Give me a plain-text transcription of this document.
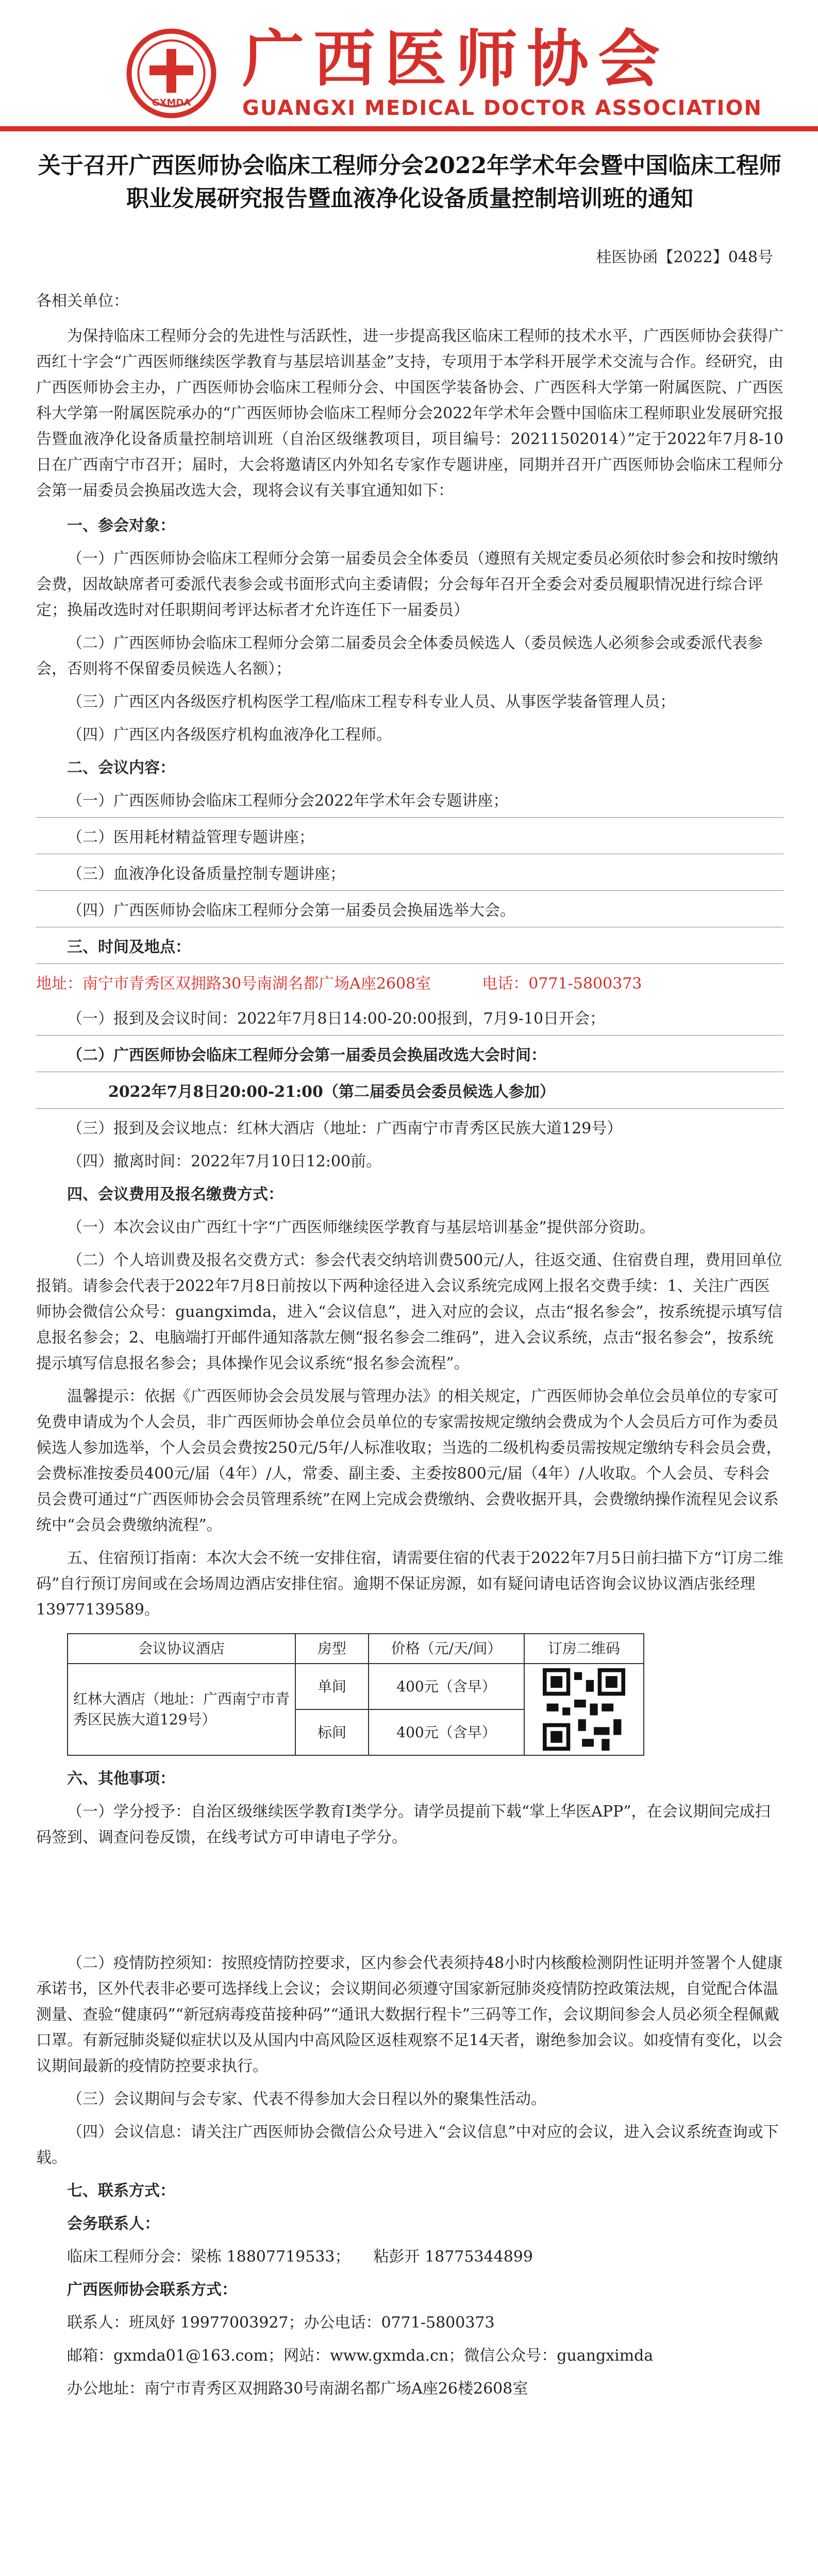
GXMDA
广西医师协会
GUANGXI MEDICAL DOCTOR ASSOCIATION
关于召开广西医师协会临床工程师分会2022年学术年会暨中国临床工程师职业发展研究报告暨血液净化设备质量控制培训班的通知
桂医协函【2022】048号

各相关单位：

为保持临床工程师分会的先进性与活跃性，进一步提高我区临床工程师的技术水平，广西医师协会获得广西红十字会“广西医师继续医学教育与基层培训基金”支持，专项用于本学科开展学术交流与合作。经研究，由广西医师协会主办，广西医师协会临床工程师分会、中国医学装备协会、广西医科大学第一附属医院、广西医科大学第一附属医院承办的“广西医师协会临床工程师分会2022年学术年会暨中国临床工程师职业发展研究报告暨血液净化设备质量控制培训班（自治区级继教项目，项目编号：2021150201​4）”定于2022年7月8-10日在广西南宁市召开；届时，大会将邀请区内外知名专家作专题讲座，同期并召开广西医师协会临床工程师分会第一届委员会换届改选大会，现将会议有关事宜通知如下：

一、参会对象：

（一）广西医师协会临床工程师分会第一届委员会全体委员（遵照有关规定委员必须依时参会和按时缴纳会费，因故缺席者可委派代表参会或书面形式向主委请假；分会每年召开全委会对委员履职情况进行综合评定；换届改选时对任职期间考评达标者才允许连任下一届委员）

（二）广西医师协会临床工程师分会第二届委员会全体委员候选人（委员候选人必须参会或委派代表参会，否则将不保留委员候选人名额）；

（三）广西区内各级医疗机构医学工程/临床工程专科专业人员、从事医学装备管理人员；

（四）广西区内各级医疗机构血液净化工程师。

二、会议内容：

（一）广西医师协会临床工程师分会2022年学术年会专题讲座；

（二）医用耗材精益管理专题讲座；

（三）血液净化设备质量控制专题讲座；

（四）广西医师协会临床工程师分会第一届委员会换届选举大会。

三、时间及地点：

地址：南宁市青秀区双拥路30号南湖名都广场A座2608室	电话：0771-5800373

（一）报到及会议时间：2022年7月8日14:00-20:00报到，7月9-10日开会；

（二）广西医师协会临床工程师分会第一届委员会换届改选大会时间：

2022年7月8日20:00-21:00（第二届委员会委员候选人参加）

（三）报到及会议地点：红林大酒店（地址：广西南宁市青秀区民族大道129号）

（四）撤离时间：2022年7月10日12:00前。

四、会议费用及报名缴费方式：

（一）本次会议由广西红十字“广西医师继续医学教育与基层培训基金”提供部分资助。

（二）个人培训费及报名交费方式：参会代表交纳培训费500元/人，往返交通、住宿费自理，费用回单位报销。请参会代表于2022年7月8日前按以下两种途径进入会议系统完成网上报名交费手续：1、关注广西医师协会微信公众号：guangximda，进入“会议信息”，进入对应的会议，点击“报名参会”，按系统提示填写信息报名参会；2、电脑端打开邮件通知落款左侧“报名参会二维码”，进入会议系统，点击“报名参会”，按系统提示填写信息报名参会；具体操作见会议系统“报名参会流程”。

温馨提示：依据《广西医师协会会员发展与管理办法》的相关规定，广西医师协会单位会员单位的专家可免费申请成为个人会员，非广西医师协会单位会员单位的专家需按规定缴纳会费成为个人会员后方可作为委员候选人参加选举，个人会员会费按250元/5年/人标准收取；当选的二级机构委员需按规定缴纳专科会员会费，会费标准按委员400元/届（4年）/人，常委、副主委、主委按800元/届（4年）/人收取。个人会员、专科会员会费可通过“广西医师协会会员管理系统”在网上完成会费缴纳、会费收据开具，会费缴纳操作流程见会议系统中“会员会费缴纳流程”。

五、住宿预订指南：本次大会不统一安排住宿，请需要住宿的代表于2022年7月5日前扫描下方“订房二维码”自行预订房间或在会场周边酒店安排住宿。逾期不保证房源，如有疑问请电话咨询会议协议酒店张经理13977139589。

会议协议酒店	房型	价格（元/天/间）	订房二维码
红林大酒店（地址：广西南宁市青秀区民族大道129号）	单间	400元（含早）	

	标间	400元（含早）	

六、其他事项：

（一）学分授予：自治区级继续医学教育I类学分。请学员提前下载“掌上华医APP”，在会议期间完成扫码签到、调查问卷反馈，在线考试方可申请电子学分。

（二）疫情防控须知：按照疫情防控要求，区内参会代表须持48小时内核酸检测阴性证明并签署个人健康承诺书，区外代表非必要可选择线上会议；会议期间必须遵守国家新冠肺炎疫情防控政策法规，自觉配合体温测量、查验“健康码”“新冠病毒疫苗接种码”“通讯大数据行程卡”三码等工作，会议期间参会人员必须全程佩戴口罩。有新冠肺炎疑似症状以及从国内中高风险区返桂观察不足14天者，谢绝参加会议。如疫情有变化，以会议期间最新的疫情防控要求执行。

（三）会议期间与会专家、代表不得参加大会日程以外的聚集性活动。

（四）会议信息：请关注广西医师协会微信公众号进入“会议信息”中对应的会议，进入会议系统查询或下载。

七、联系方式：

会务联系人：

临床工程师分会：梁栋 18807719533；　　粘彭开 18775344899

广西医师协会联系方式：

联系人：班凤妤 19977003927；办公电话：0771-5800373

邮箱：gxmda01@163.com；网站：www.gxmda.cn；微信公众号：guangximda

办公地址：南宁市青秀区双拥路30号南湖名都广场A座26楼2608室
